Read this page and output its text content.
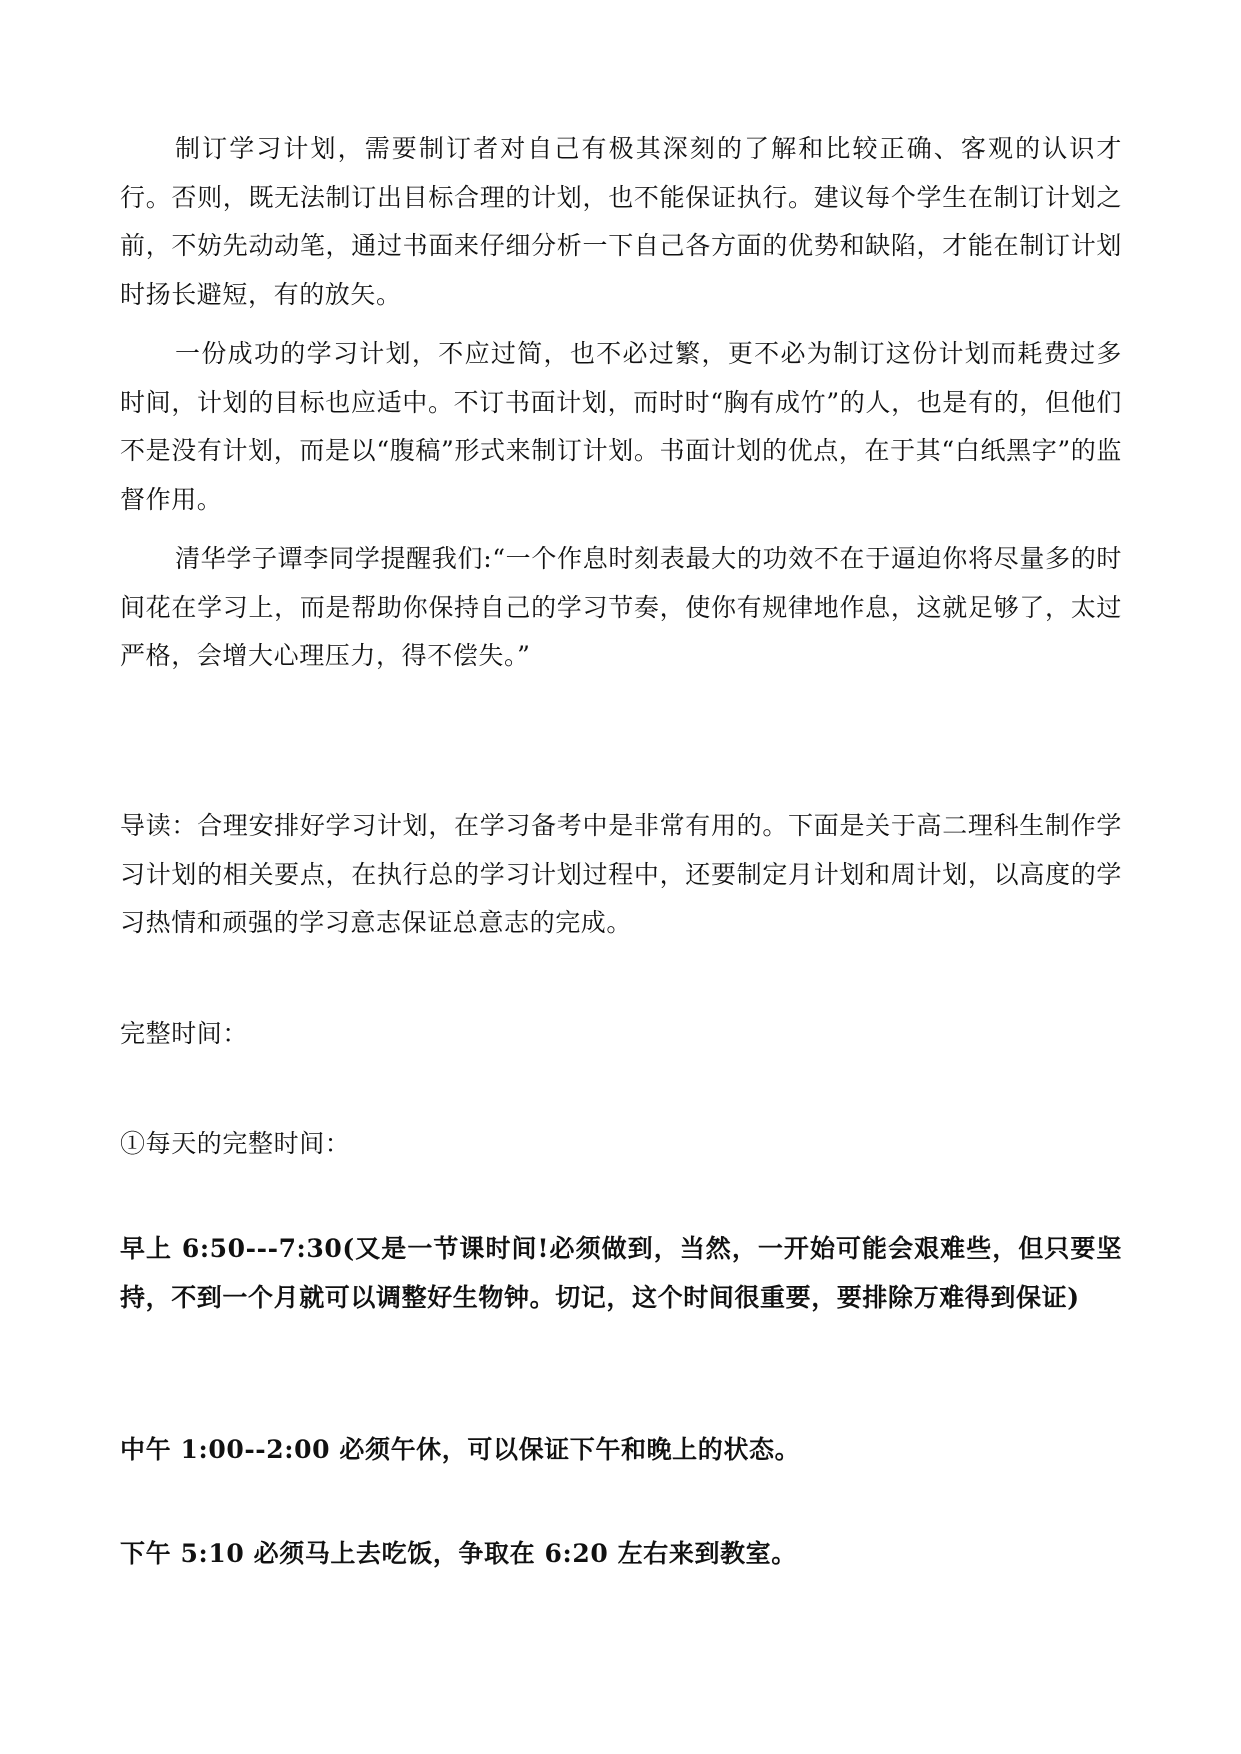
制订学习计划，需要制订者对自己有极其深刻的了解和比较正确、客观的认识才行。否则，既无法制订出目标合理的计划，也不能保证执行。建议每个学生在制订计划之前，不妨先动动笔，通过书面来仔细分析一下自己各方面的优势和缺陷，才能在制订计划时扬长避短，有的放矢。

一份成功的学习计划，不应过简，也不必过繁，更不必为制订这份计划而耗费过多时间，计划的目标也应适中。不订书面计划，而时时“胸有成竹”的人，也是有的，但他们不是没有计划，而是以“腹稿”形式来制订计划。书面计划的优点，在于其“白纸黑字”的监督作用。

清华学子谭李同学提醒我们:“一个作息时刻表最大的功效不在于逼迫你将尽量多的时间花在学习上，而是帮助你保持自己的学习节奏，使你有规律地作息，这就足够了，太过严格，会增大心理压力，得不偿失。”

导读：合理安排好学习计划，在学习备考中是非常有用的。下面是关于高二理科生制作学习计划的相关要点，在执行总的学习计划过程中，还要制定月计划和周计划，以高度的学习热情和顽强的学习意志保证总意志的完成。

完整时间：

①每天的完整时间：

早上 6:50---7:30(又是一节课时间!必须做到，当然，一开始可能会艰难些，但只要坚持，不到一个月就可以调整好生物钟。切记，这个时间很重要，要排除万难得到保证)

中午 1:00--2:00 必须午休，可以保证下午和晚上的状态。

下午 5:10 必须马上去吃饭，争取在 6:20 左右来到教室。
